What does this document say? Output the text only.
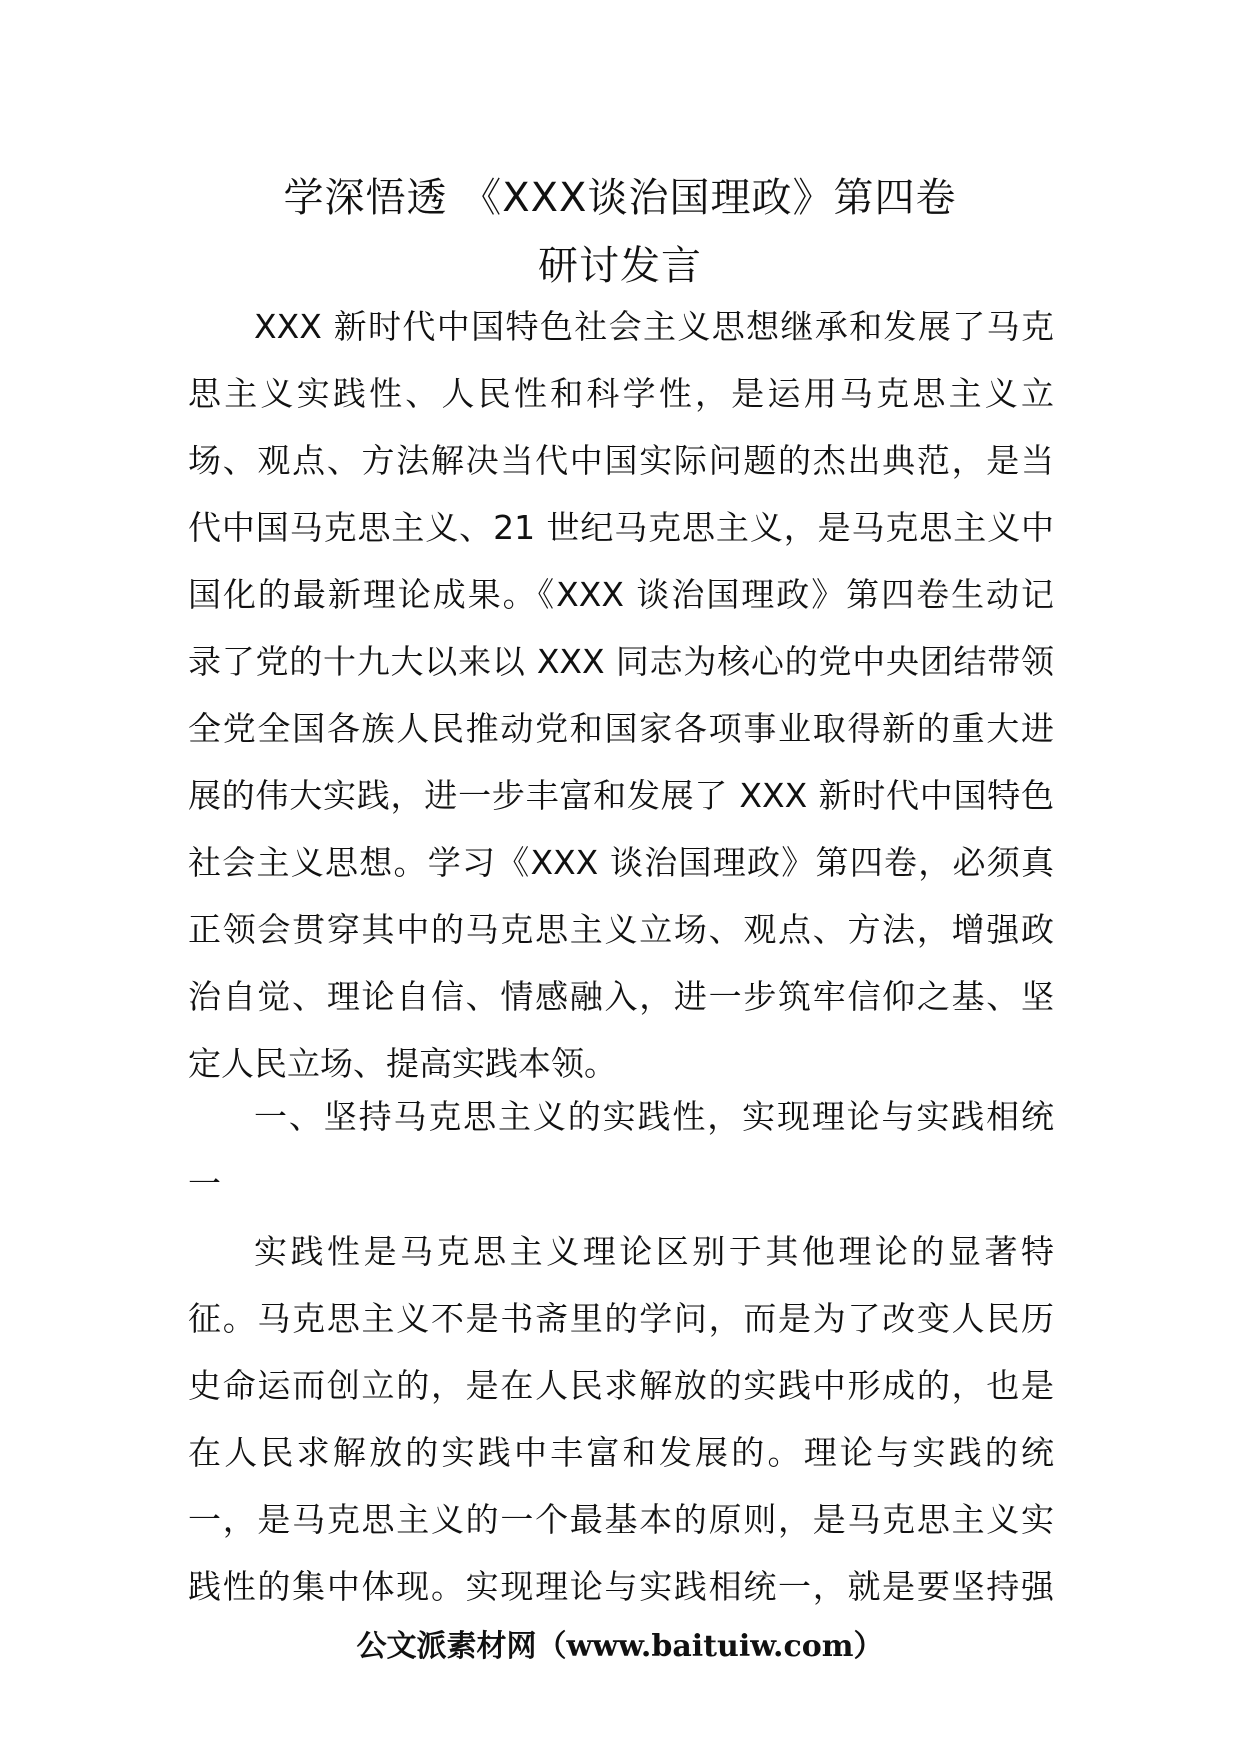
学深悟透 《XXX谈治国理政》第四卷
研讨发言
XXX 新时代中国特色社会主义思想继承和发展了马克
思主义实践性、人民性和科学性，是运用马克思主义立
场、观点、方法解决当代中国实际问题的杰出典范，是当
代中国马克思主义、21 世纪马克思主义，是马克思主义中
国化的最新理论成果。《XXX 谈治国理政》第四卷生动记
录了党的十九大以来以 XXX 同志为核心的党中央团结带领
全党全国各族人民推动党和国家各项事业取得新的重大进
展的伟大实践，进一步丰富和发展了 XXX 新时代中国特色
社会主义思想。学习《XXX 谈治国理政》第四卷，必须真
正领会贯穿其中的马克思主义立场、观点、方法，增强政
治自觉、理论自信、情感融入，进一步筑牢信仰之基、坚
定人民立场、提高实践本领。
一、坚持马克思主义的实践性，实现理论与实践相统
一
实践性是马克思主义理论区别于其他理论的显著特
征。马克思主义不是书斋里的学问，而是为了改变人民历
史命运而创立的，是在人民求解放的实践中形成的，也是
在人民求解放的实践中丰富和发展的。理论与实践的统
一，是马克思主义的一个最基本的原则，是马克思主义实
践性的集中体现。实现理论与实践相统一，就是要坚持强
公文派素材网（www.baituiw.com）
